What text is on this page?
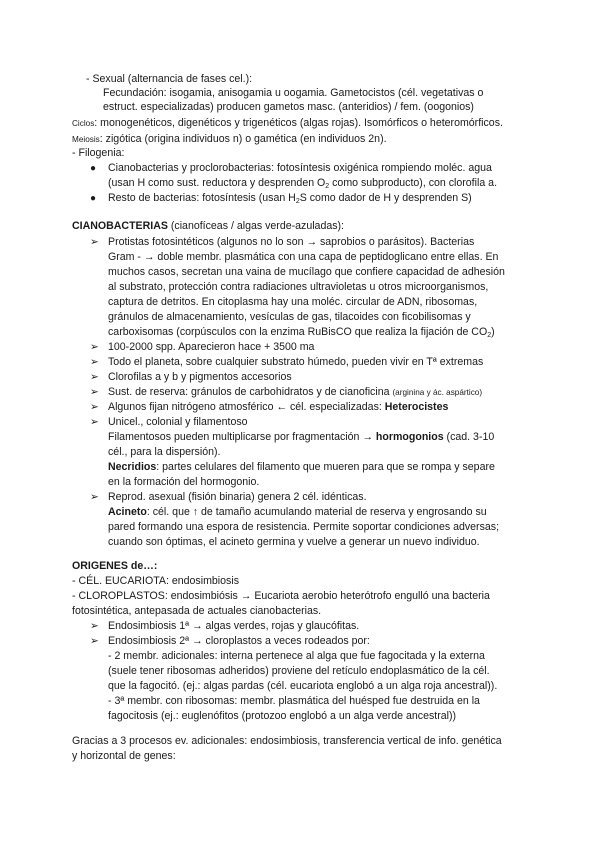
- Sexual (alternancia de fases cel.):
Fecundación: isogamia, anisogamia u oogamia. Gametocistos (cél. vegetativas o
estruct. especializadas) producen gametos masc. (anteridios) / fem. (oogonios)
Ciclos: monogenéticos, digenéticos y trigenéticos (algas rojas). Isomórficos o heteromórficos.
Meiosis: zigótica (origina individuos n) o gamética (en individuos 2n).
- Filogenia:
● Cianobacterias y proclorobacterias: fotosíntesis oxigénica rompiendo moléc. agua
(usan H como sust. reductora y desprenden $O_2$ como subproducto), con clorofila a.
● Resto de bacterias: fotosíntesis (usan $H_2S$ como dador de H y desprenden S)
CIANOBACTERIAS (cianofíceas / algas verde-azuladas):
➢ Protistas fotosintéticos (algunos no lo son → saprobios o parásitos). Bacterias
Gram - → doble membr. plasmática con una capa de peptidoglicano entre ellas. En
muchos casos, secretan una vaina de mucílago que confiere capacidad de adhesión
al substrato, protección contra radiaciones ultravioletas u otros microorganismos,
captura de detritos. En citoplasma hay una moléc. circular de ADN, ribosomas,
gránulos de almacenamiento, vesículas de gas, tilacoides con ficobilisomas y
carboxisomas (corpúsculos con la enzima RuBisCO que realiza la fijación de $CO_2$)
➢ 100-2000 spp. Aparecieron hace + 3500 ma
➢ Todo el planeta, sobre cualquier substrato húmedo, pueden vivir en Tª extremas
➢ Clorofilas a y b y pigmentos accesorios
➢ Sust. de reserva: gránulos de carbohidratos y de cianoficina (arginina y ác. aspártico)
➢ Algunos fijan nitrógeno atmosférico ← cél. especializadas: Heterocistes
➢ Unicel., colonial y filamentoso
Filamentosos pueden multiplicarse por fragmentación → hormogonios (cad. 3-10
cél., para la dispersión).
Necridios: partes celulares del filamento que mueren para que se rompa y separe
en la formación del hormogonio.
➢ Reprod. asexual (fisión binaria) genera 2 cél. idénticas.
Acineto: cél. que ↑ de tamaño acumulando material de reserva y engrosando su
pared formando una espora de resistencia. Permite soportar condiciones adversas;
cuando son óptimas, el acineto germina y vuelve a generar un nuevo individuo.
ORIGENES de…:
- CÉL. EUCARIOTA: endosimbiosis
- CLOROPLASTOS: endosimbiósis → Eucariota aerobio heterótrofo engulló una bacteria
fotosintética, antepasada de actuales cianobacterias.
➢ Endosimbiosis 1ª → algas verdes, rojas y glaucófitas.
➢ Endosimbiosis 2ª → cloroplastos a veces rodeados por:
- 2 membr. adicionales: interna pertenece al alga que fue fagocitada y la externa
(suele tener ribosomas adheridos) proviene del retículo endoplasmático de la cél.
que la fagocitó. (ej.: algas pardas (cél. eucariota englobó a un alga roja ancestral)).
- 3ª membr. con ribosomas: membr. plasmática del huésped fue destruida en la
fagocitosis (ej.: euglenófitos (protozoo englobó a un alga verde ancestral))
Gracias a 3 procesos ev. adicionales: endosimbiosis, transferencia vertical de info. genética
y horizontal de genes:
